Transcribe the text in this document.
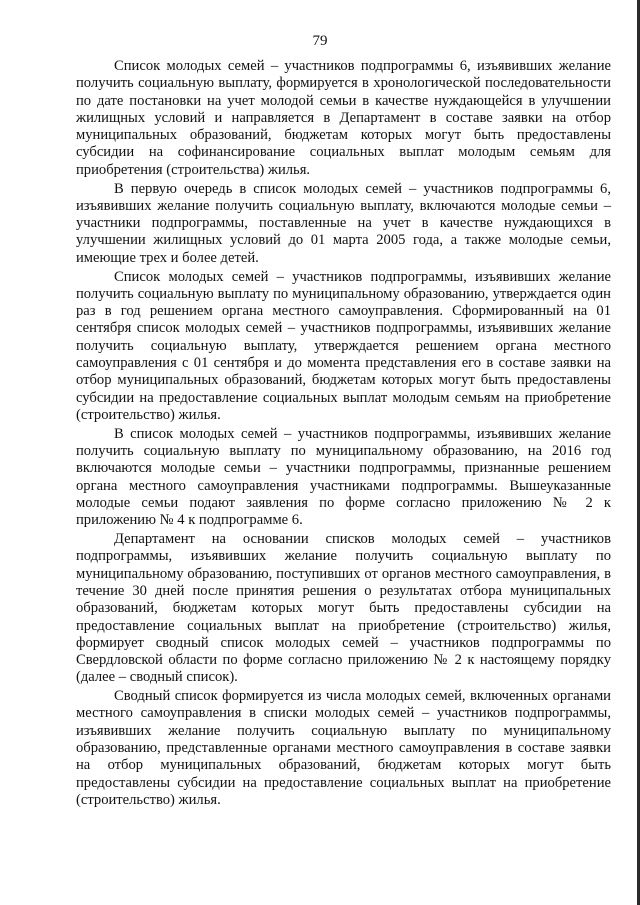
79

Список молодых семей – участников подпрограммы 6, изъявивших желание получить социальную выплату, формируется в хронологической последовательности по дате постановки на учет молодой семьи в качестве нуждающейся в улучшении жилищных условий и направляется в Департамент в составе заявки на отбор муниципальных образований, бюджетам которых могут быть предоставлены субсидии на софинансирование социальных выплат молодым семьям для приобретения (строительства) жилья.

В первую очередь в список молодых семей – участников подпрограммы 6, изъявивших желание получить социальную выплату, включаются молодые семьи – участники подпрограммы, поставленные на учет в качестве нуждающихся в улучшении жилищных условий до 01 марта 2005 года, а также молодые семьи, имеющие трех и более детей.

Список молодых семей – участников подпрограммы, изъявивших желание получить социальную выплату по муниципальному образованию, утверждается один раз в год решением органа местного самоуправления. Сформированный на 01 сентября список молодых семей – участников подпрограммы, изъявивших желание получить социальную выплату, утверждается решением органа местного самоуправления с 01 сентября и до момента представления его в составе заявки на отбор муниципальных образований, бюджетам которых могут быть предоставлены субсидии на предоставление социальных выплат молодым семьям на приобретение (строительство) жилья.

В список молодых семей – участников подпрограммы, изъявивших желание получить социальную выплату по муниципальному образованию, на 2016 год включаются молодые семьи – участники подпрограммы, признанные решением органа местного самоуправления участниками подпрограммы. Вышеуказанные молодые семьи подают заявления по форме согласно приложению № 2 к приложению № 4 к подпрограмме 6.

Департамент на основании списков молодых семей – участников подпрограммы, изъявивших желание получить социальную выплату по муниципальному образованию, поступивших от органов местного самоуправления, в течение 30 дней после принятия решения о результатах отбора муниципальных образований, бюджетам которых могут быть предоставлены субсидии на предоставление социальных выплат на приобретение (строительство) жилья, формирует сводный список молодых семей – участников подпрограммы по Свердловской области по форме согласно приложению № 2 к настоящему порядку (далее – сводный список).

Сводный список формируется из числа молодых семей, включенных органами местного самоуправления в списки молодых семей – участников подпрограммы, изъявивших желание получить социальную выплату по муниципальному образованию, представленные органами местного самоуправления в составе заявки на отбор муниципальных образований, бюджетам которых могут быть предоставлены субсидии на предоставление социальных выплат на приобретение (строительство) жилья.
